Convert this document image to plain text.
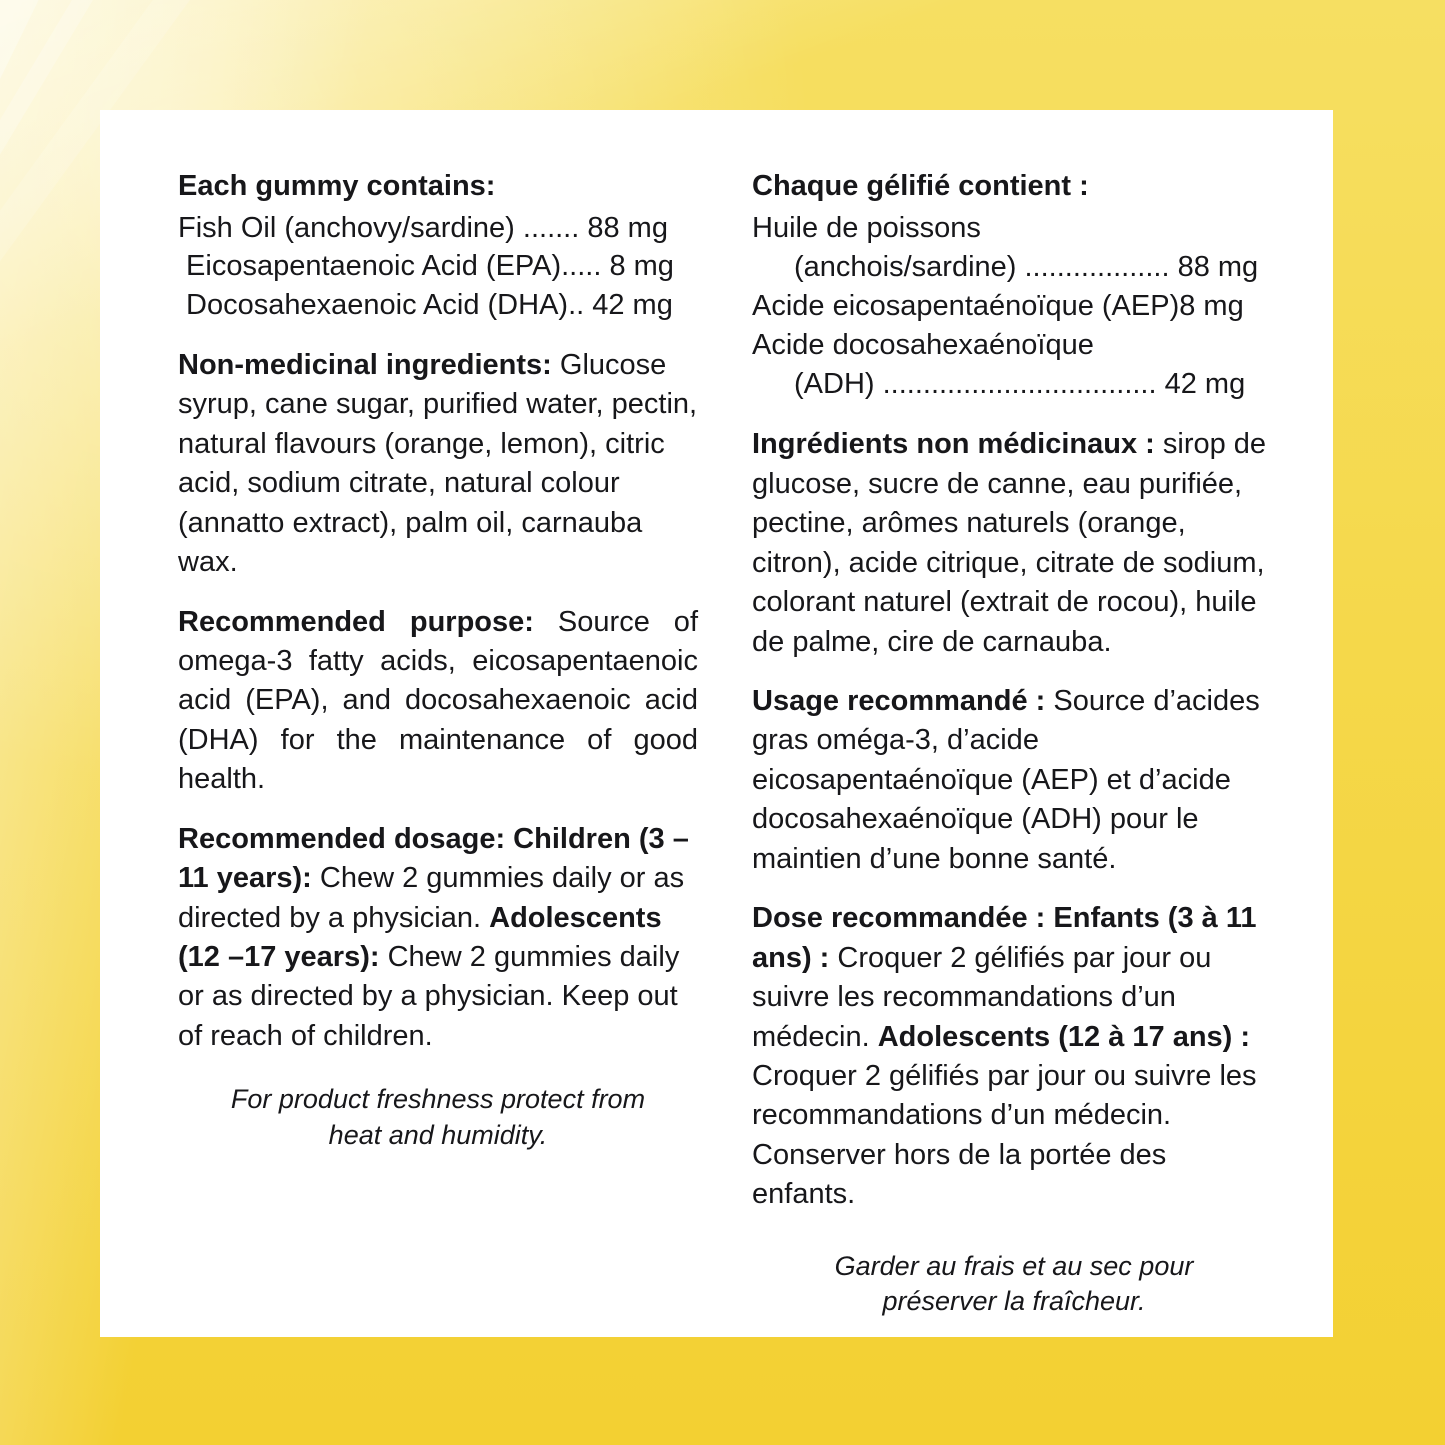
Each gummy contains:
Fish Oil (anchovy/sardine) ....... 88 mg
Eicosapentaenoic Acid (EPA)..... 8 mg
Docosahexaenoic Acid (DHA).. 42 mg
Non-medicinal ingredients: Glucose syrup, cane sugar, purified water, pectin, natural flavours (orange, lemon), citric acid, sodium citrate, natural colour (annatto extract), palm oil, carnauba wax.
Recommended purpose: Source of omega-3 fatty acids, eicosapentaenoic acid (EPA), and docosahexaenoic acid (DHA) for the maintenance of good health.
Recommended dosage: Children (3 –11 years): Chew 2 gummies daily or as directed by a physician. Adolescents (12 –17 years): Chew 2 gummies daily or as directed by a physician. Keep out of reach of children.
For product freshness protect from heat and humidity.
Chaque gélifié contient :
Huile de poissons
(anchois/sardine) .................. 88 mg
Acide eicosapentaénoïque (AEP)8 mg
Acide docosahexaénoïque
(ADH) .................................. 42 mg
Ingrédients non médicinaux : sirop de glucose, sucre de canne, eau purifiée, pectine, arômes naturels (orange, citron), acide citrique, citrate de sodium, colorant naturel (extrait de rocou), huile de palme, cire de carnauba.
Usage recommandé : Source d’acides gras oméga-3, d’acide eicosapentaénoïque (AEP) et d’acide docosahexaénoïque (ADH) pour le maintien d’une bonne santé.
Dose recommandée : Enfants (3 à 11 ans) : Croquer 2 gélifiés par jour ou suivre les recommandations d’un médecin. Adolescents (12 à 17 ans) : Croquer 2 gélifiés par jour ou suivre les recommandations d’un médecin. Conserver hors de la portée des enfants.
Garder au frais et au sec pour préserver la fraîcheur.
